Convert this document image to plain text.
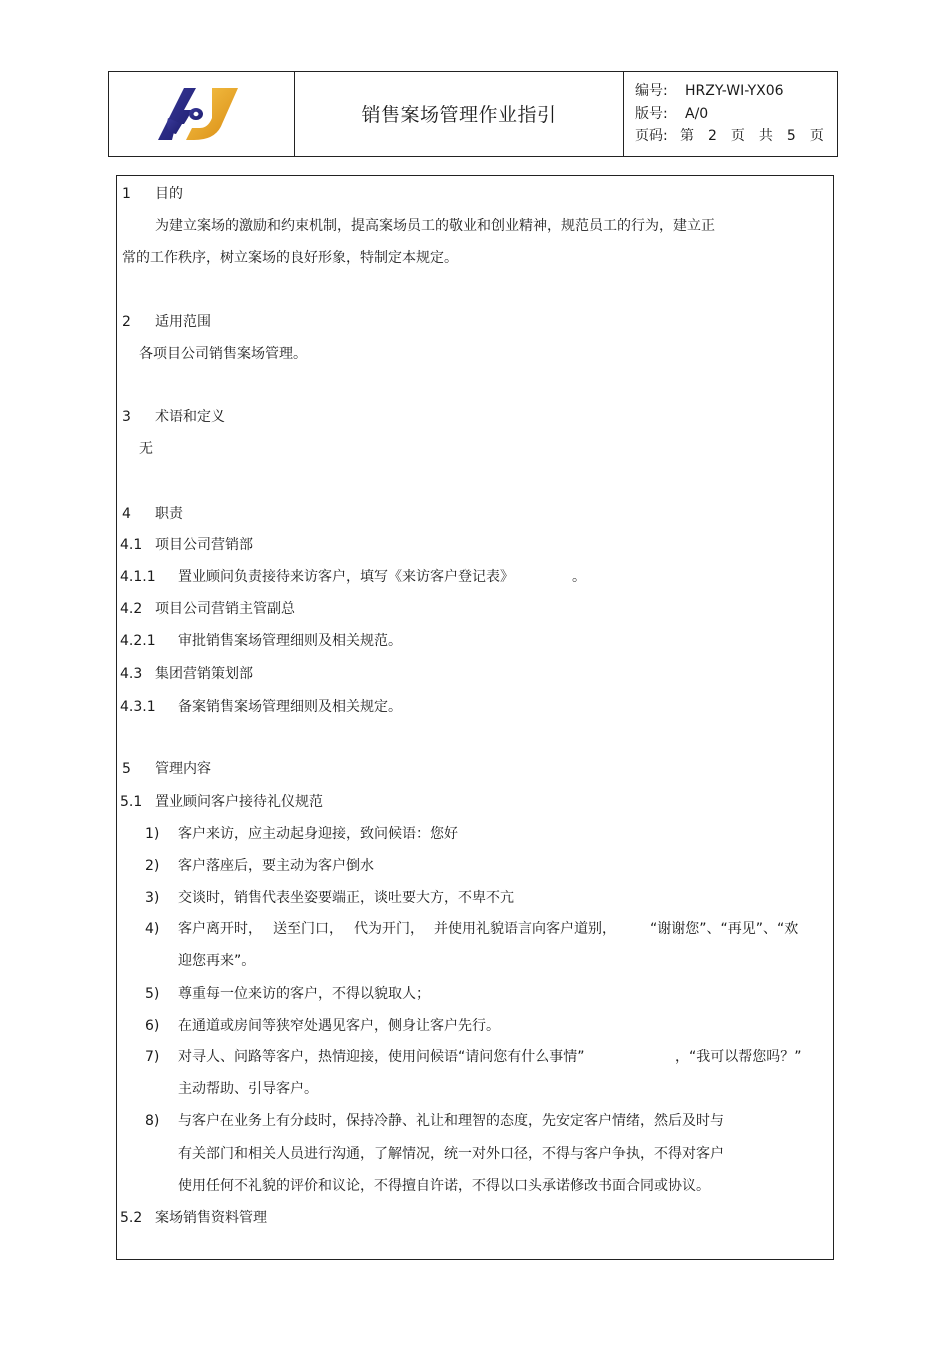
销售案场管理作业指引
编号: HRZY-WI-YX06
版号: A/0
页码: 第　2　页　共　5　页
1 目的
为建立案场的激励和约束机制，提高案场员工的敬业和创业精神，规范员工的行为，建立正
常的工作秩序，树立案场的良好形象，特制定本规定。
2 适用范围
各项目公司销售案场管理。
3 术语和定义
无
4 职责
4.1 项目公司营销部
4.1.1 置业顾问负责接待来访客户，填写《来访客户登记表》	。
4.2 项目公司营销主管副总
4.2.1 审批销售案场管理细则及相关规范。
4.3 集团营销策划部
4.3.1 备案销售案场管理细则及相关规定。
5 管理内容
5.1 置业顾问客户接待礼仪规范
1) 客户来访，应主动起身迎接，致问候语：您好
2) 客户落座后，要主动为客户倒水
3) 交谈时，销售代表坐姿要端正，谈吐要大方，不卑不亢
4) 客户离开时， 送至门口， 代为开门， 并使用礼貌语言向客户道别， “谢谢您”、“再见”、“欢
迎您再来”。
5) 尊重每一位来访的客户，不得以貌取人；
6) 在通道或房间等狭窄处遇见客户，侧身让客户先行。
7) 对寻人、问路等客户，热情迎接，使用问候语“请问您有什么事情”	，“我可以帮您吗？”
主动帮助、引导客户。
8) 与客户在业务上有分歧时，保持冷静、礼让和理智的态度，先安定客户情绪，然后及时与
有关部门和相关人员进行沟通，了解情况，统一对外口径，不得与客户争执，不得对客户
使用任何不礼貌的评价和议论，不得擅自许诺，不得以口头承诺修改书面合同或协议。
5.2 案场销售资料管理
